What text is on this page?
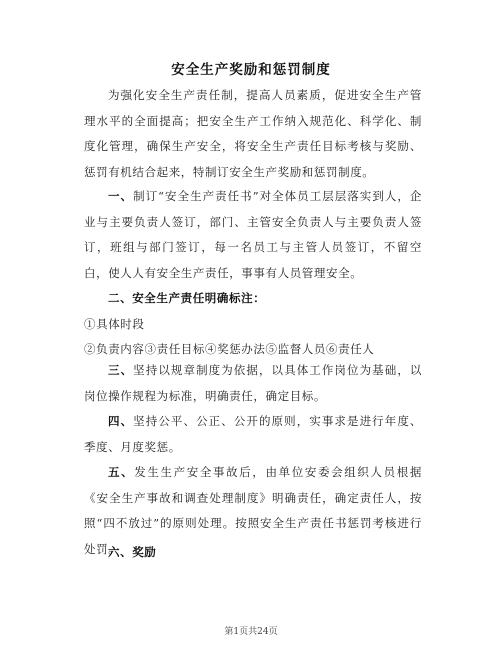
安全生产奖励和惩罚制度
为强化安全生产责任制，提高人员素质，促进安全生产管理水平的全面提高；把安全生产工作纳入规范化、科学化、制度化管理，确保生产安全，将安全生产责任目标考核与奖励、惩罚有机结合起来，特制订安全生产奖励和惩罚制度。
一、制订“安全生产责任书”对全体员工层层落实到人，企业与主要负责人签订，部门、主管安全负责人与主要负责人签订，班组与部门签订，每一名员工与主管人员签订，不留空白，使人人有安全生产责任，事事有人员管理安全。
二、安全生产责任明确标注：
①具体时段
②负责内容③责任目标④奖惩办法⑤监督人员⑥责任人
三、坚持以规章制度为依据，以具体工作岗位为基础，以岗位操作规程为标准，明确责任，确定目标。
四、坚持公平、公正、公开的原则，实事求是进行年度、季度、月度奖惩。
五、发生生产安全事故后，由单位安委会组织人员根据《安全生产事故和调查处理制度》明确责任，确定责任人，按照“四不放过”的原则处理。按照安全生产责任书惩罚考核进行处罚。
六、奖励
第1页共24页
